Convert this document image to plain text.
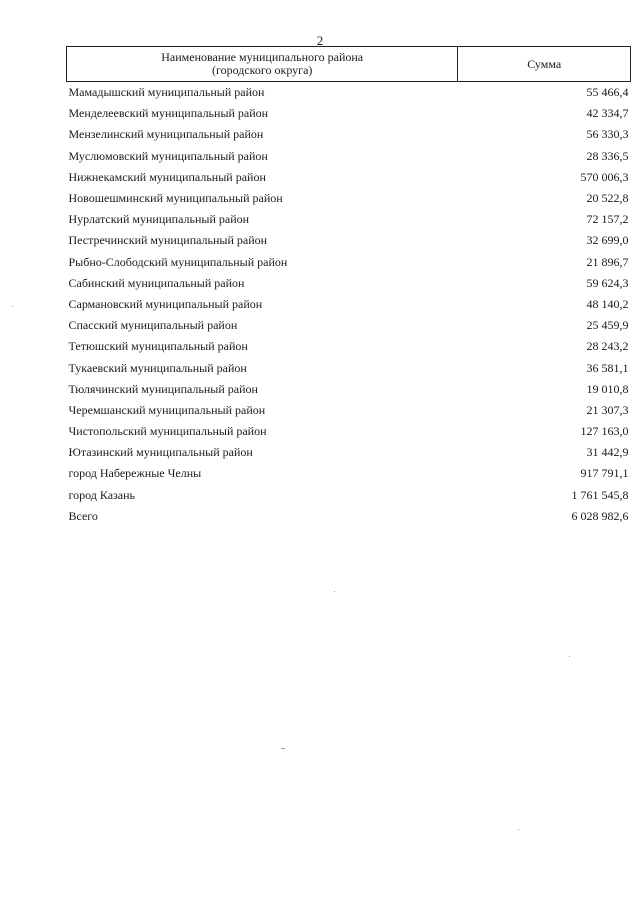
2
Наименование муниципального района
(городского округа)	Сумма
Мамадышский муниципальный район	55 466,4
Менделеевский муниципальный район	42 334,7
Мензелинский муниципальный район	56 330,3
Муслюмовский муниципальный район	28 336,5
Нижнекамский муниципальный район	570 006,3
Новошешминский муниципальный район	20 522,8
Нурлатский муниципальный район	72 157,2
Пестречинский муниципальный район	32 699,0
Рыбно-Слободский муниципальный район	21 896,7
Сабинский муниципальный район	59 624,3
Сармановский муниципальный район	48 140,2
Спасский муниципальный район	25 459,9
Тетюшский муниципальный район	28 243,2
Тукаевский муниципальный район	36 581,1
Тюлячинский муниципальный район	19 010,8
Черемшанский муниципальный район	21 307,3
Чистопольский муниципальный район	127 163,0
Ютазинский муниципальный район	31 442,9
город Набережные Челны	917 791,1
город Казань	1 761 545,8
Всего	6 028 982,6
